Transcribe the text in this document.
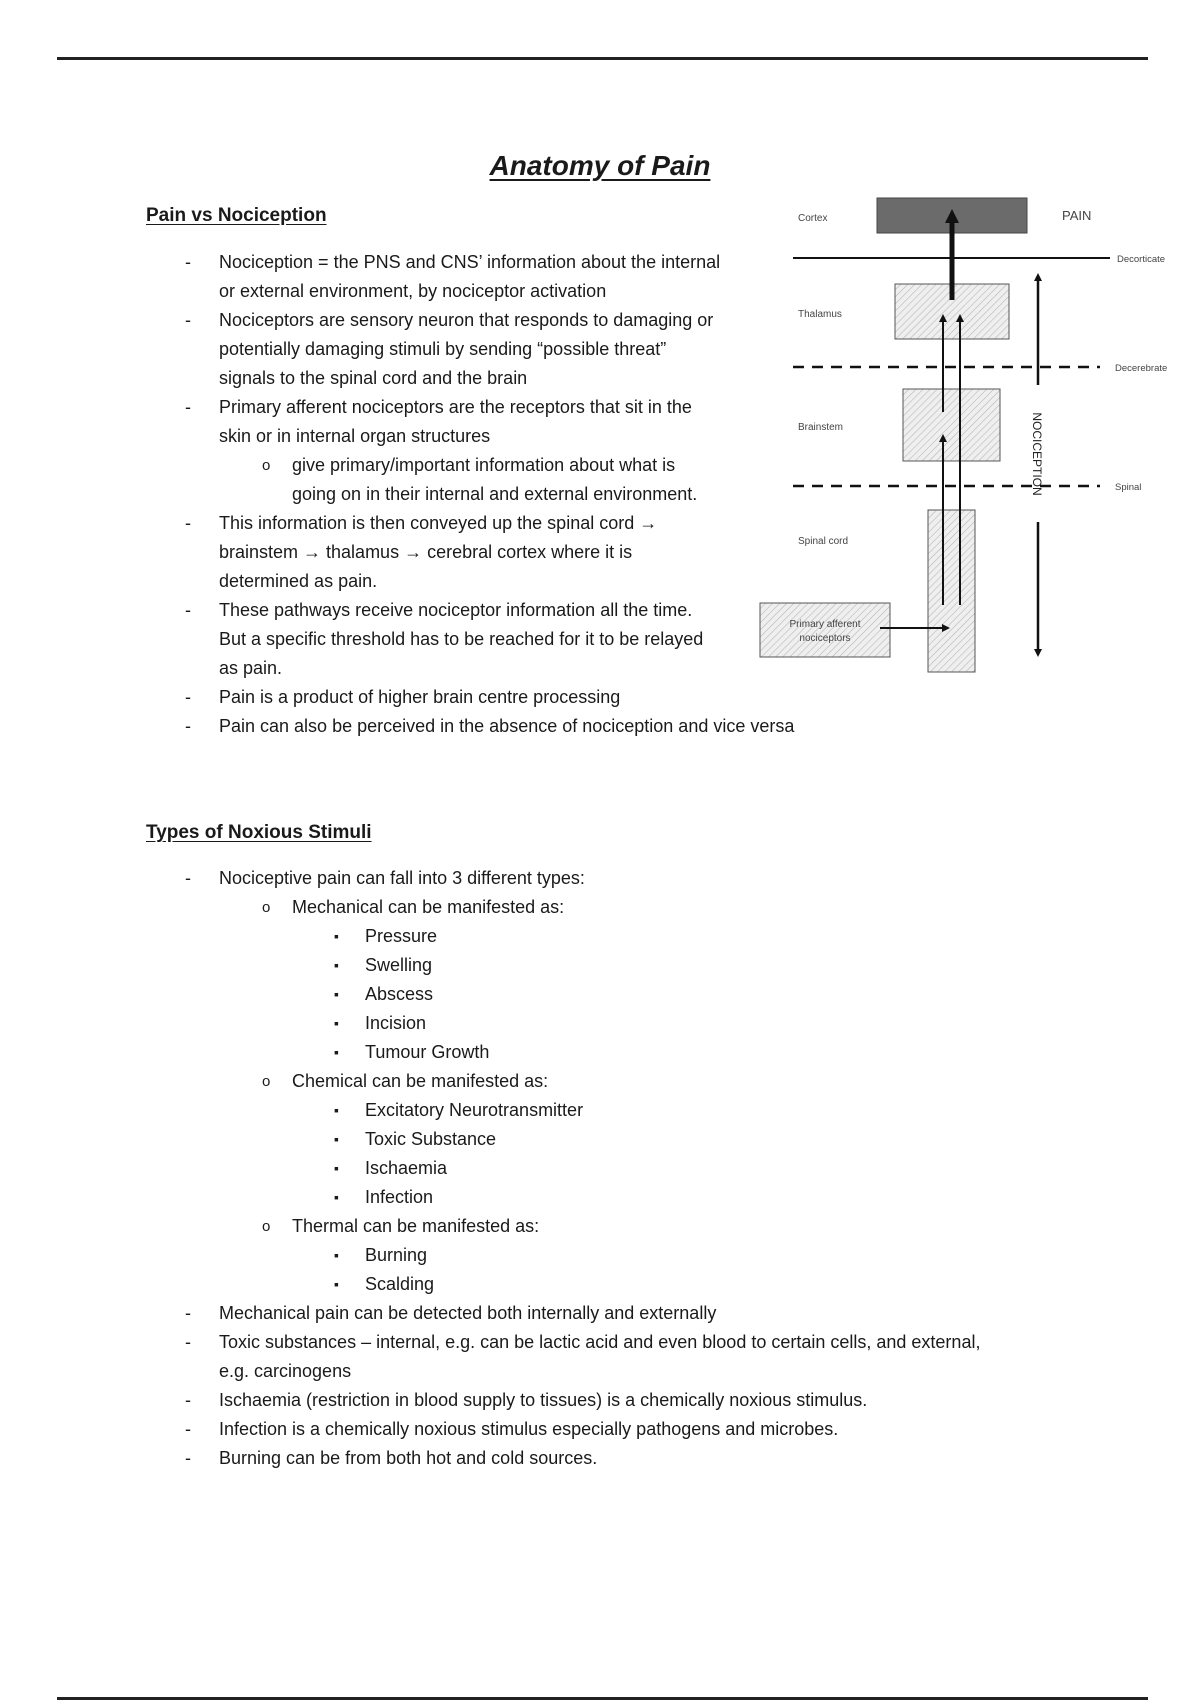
Anatomy of Pain
Pain vs Nociception
- Nociception = the PNS and CNS’ information about the internal or external environment, by nociceptor activation
- Nociceptors are sensory neuron that responds to damaging or potentially damaging stimuli by sending “possible threat” signals to the spinal cord and the brain
- Primary afferent nociceptors are the receptors that sit in the skin or in internal organ structures
o give primary/important information about what is going on in their internal and external environment.
- This information is then conveyed up the spinal cord → brainstem → thalamus → cerebral cortex where it is determined as pain.
- These pathways receive nociceptor information all the time. But a specific threshold has to be reached for it to be relayed as pain.
- Pain is a product of higher brain centre processing
- Pain can also be perceived in the absence of nociception and vice versa
Cortex	PAIN
Decorticate
Thalamus
Decerebrate
Brainstem
Spinal
Spinal cord
Primary afferent
nociceptors
NOCICEPTION
Types of Noxious Stimuli
- Nociceptive pain can fall into 3 different types:
o Mechanical can be manifested as:
▪ Pressure
▪ Swelling
▪ Abscess
▪ Incision
▪ Tumour Growth
o Chemical can be manifested as:
▪ Excitatory Neurotransmitter
▪ Toxic Substance
▪ Ischaemia
▪ Infection
o Thermal can be manifested as:
▪ Burning
▪ Scalding
- Mechanical pain can be detected both internally and externally
- Toxic substances – internal, e.g. can be lactic acid and even blood to certain cells, and external, e.g. carcinogens
- Ischaemia (restriction in blood supply to tissues) is a chemically noxious stimulus.
- Infection is a chemically noxious stimulus especially pathogens and microbes.
- Burning can be from both hot and cold sources.
